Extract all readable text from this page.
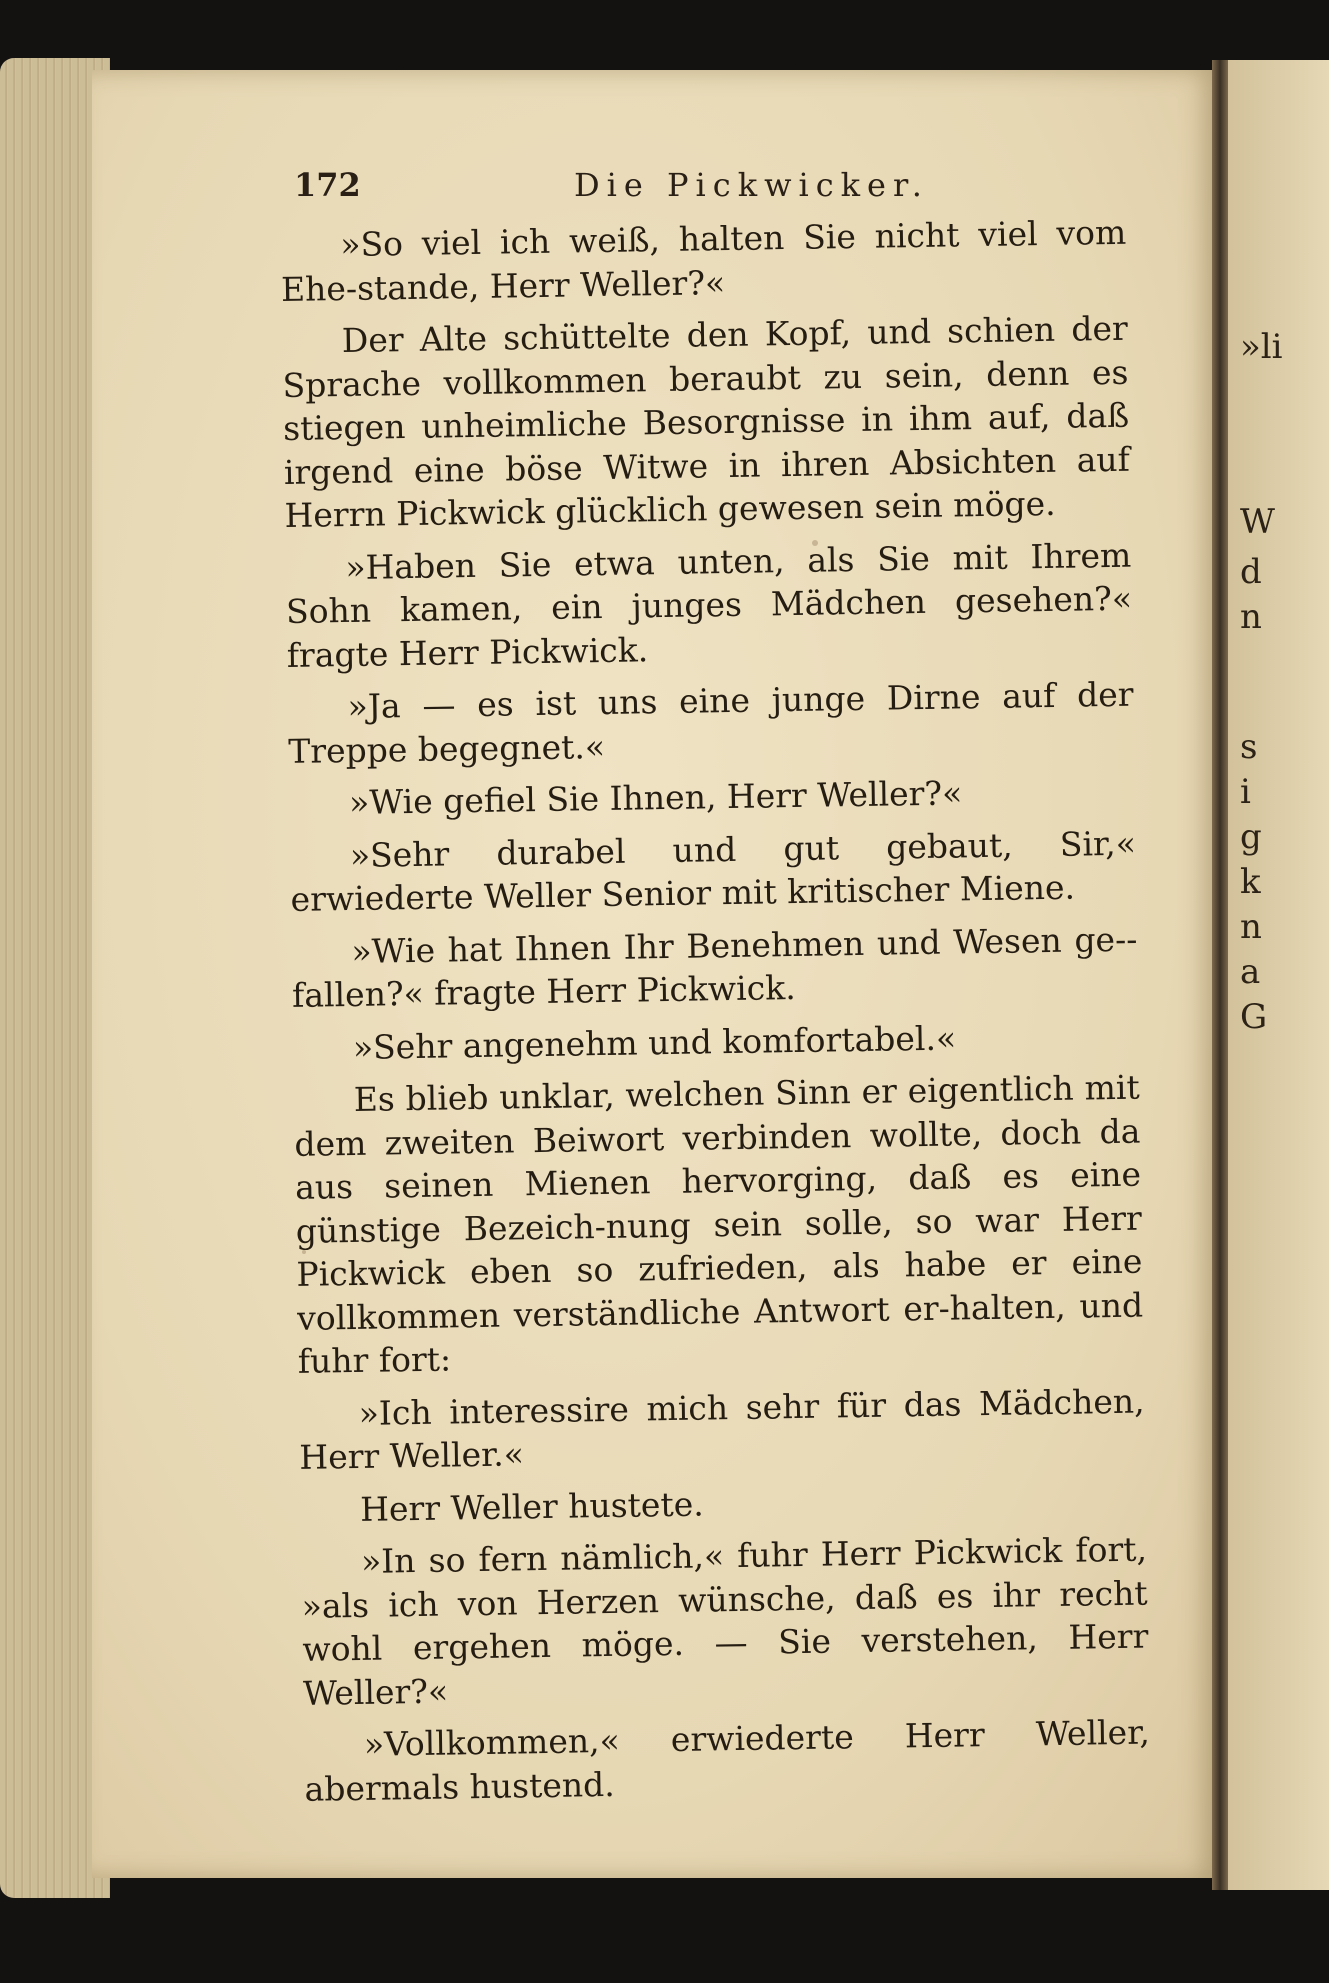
»li
W
d
n
s
i
g
k
n
a
G
172	Die Pickwicker.

»So viel ich weiß, halten Sie nicht viel vom Ehe-stande, Herr Weller?«

Der Alte schüttelte den Kopf, und schien der Sprache vollkommen beraubt zu sein, denn es stiegen unheimliche Besorgnisse in ihm auf, daß irgend eine böse Witwe in ihren Absichten auf Herrn Pickwick glücklich gewesen sein möge.

»Haben Sie etwa unten, als Sie mit Ihrem Sohn kamen, ein junges Mädchen gesehen?« fragte Herr Pickwick.

»Ja — es ist uns eine junge Dirne auf der Treppe begegnet.«

»Wie gefiel Sie Ihnen, Herr Weller?«

»Sehr durabel und gut gebaut, Sir,« erwiederte Weller Senior mit kritischer Miene.

»Wie hat Ihnen Ihr Benehmen und Wesen ge-fallen?« fragte Herr Pickwick.

»Sehr angenehm und komfortabel.«

Es blieb unklar, welchen Sinn er eigentlich mit dem zweiten Beiwort verbinden wollte, doch da aus seinen Mienen hervorging, daß es eine günstige Bezeich-nung sein solle, so war Herr Pickwick eben so zufrieden, als habe er eine vollkommen verständliche Antwort er-halten, und fuhr fort:

»Ich interessire mich sehr für das Mädchen, Herr Weller.«

Herr Weller hustete.

»In so fern nämlich,« fuhr Herr Pickwick fort, »als ich von Herzen wünsche, daß es ihr recht wohl ergehen möge. — Sie verstehen, Herr Weller?«

»Vollkommen,« erwiederte Herr Weller, abermals hustend.
